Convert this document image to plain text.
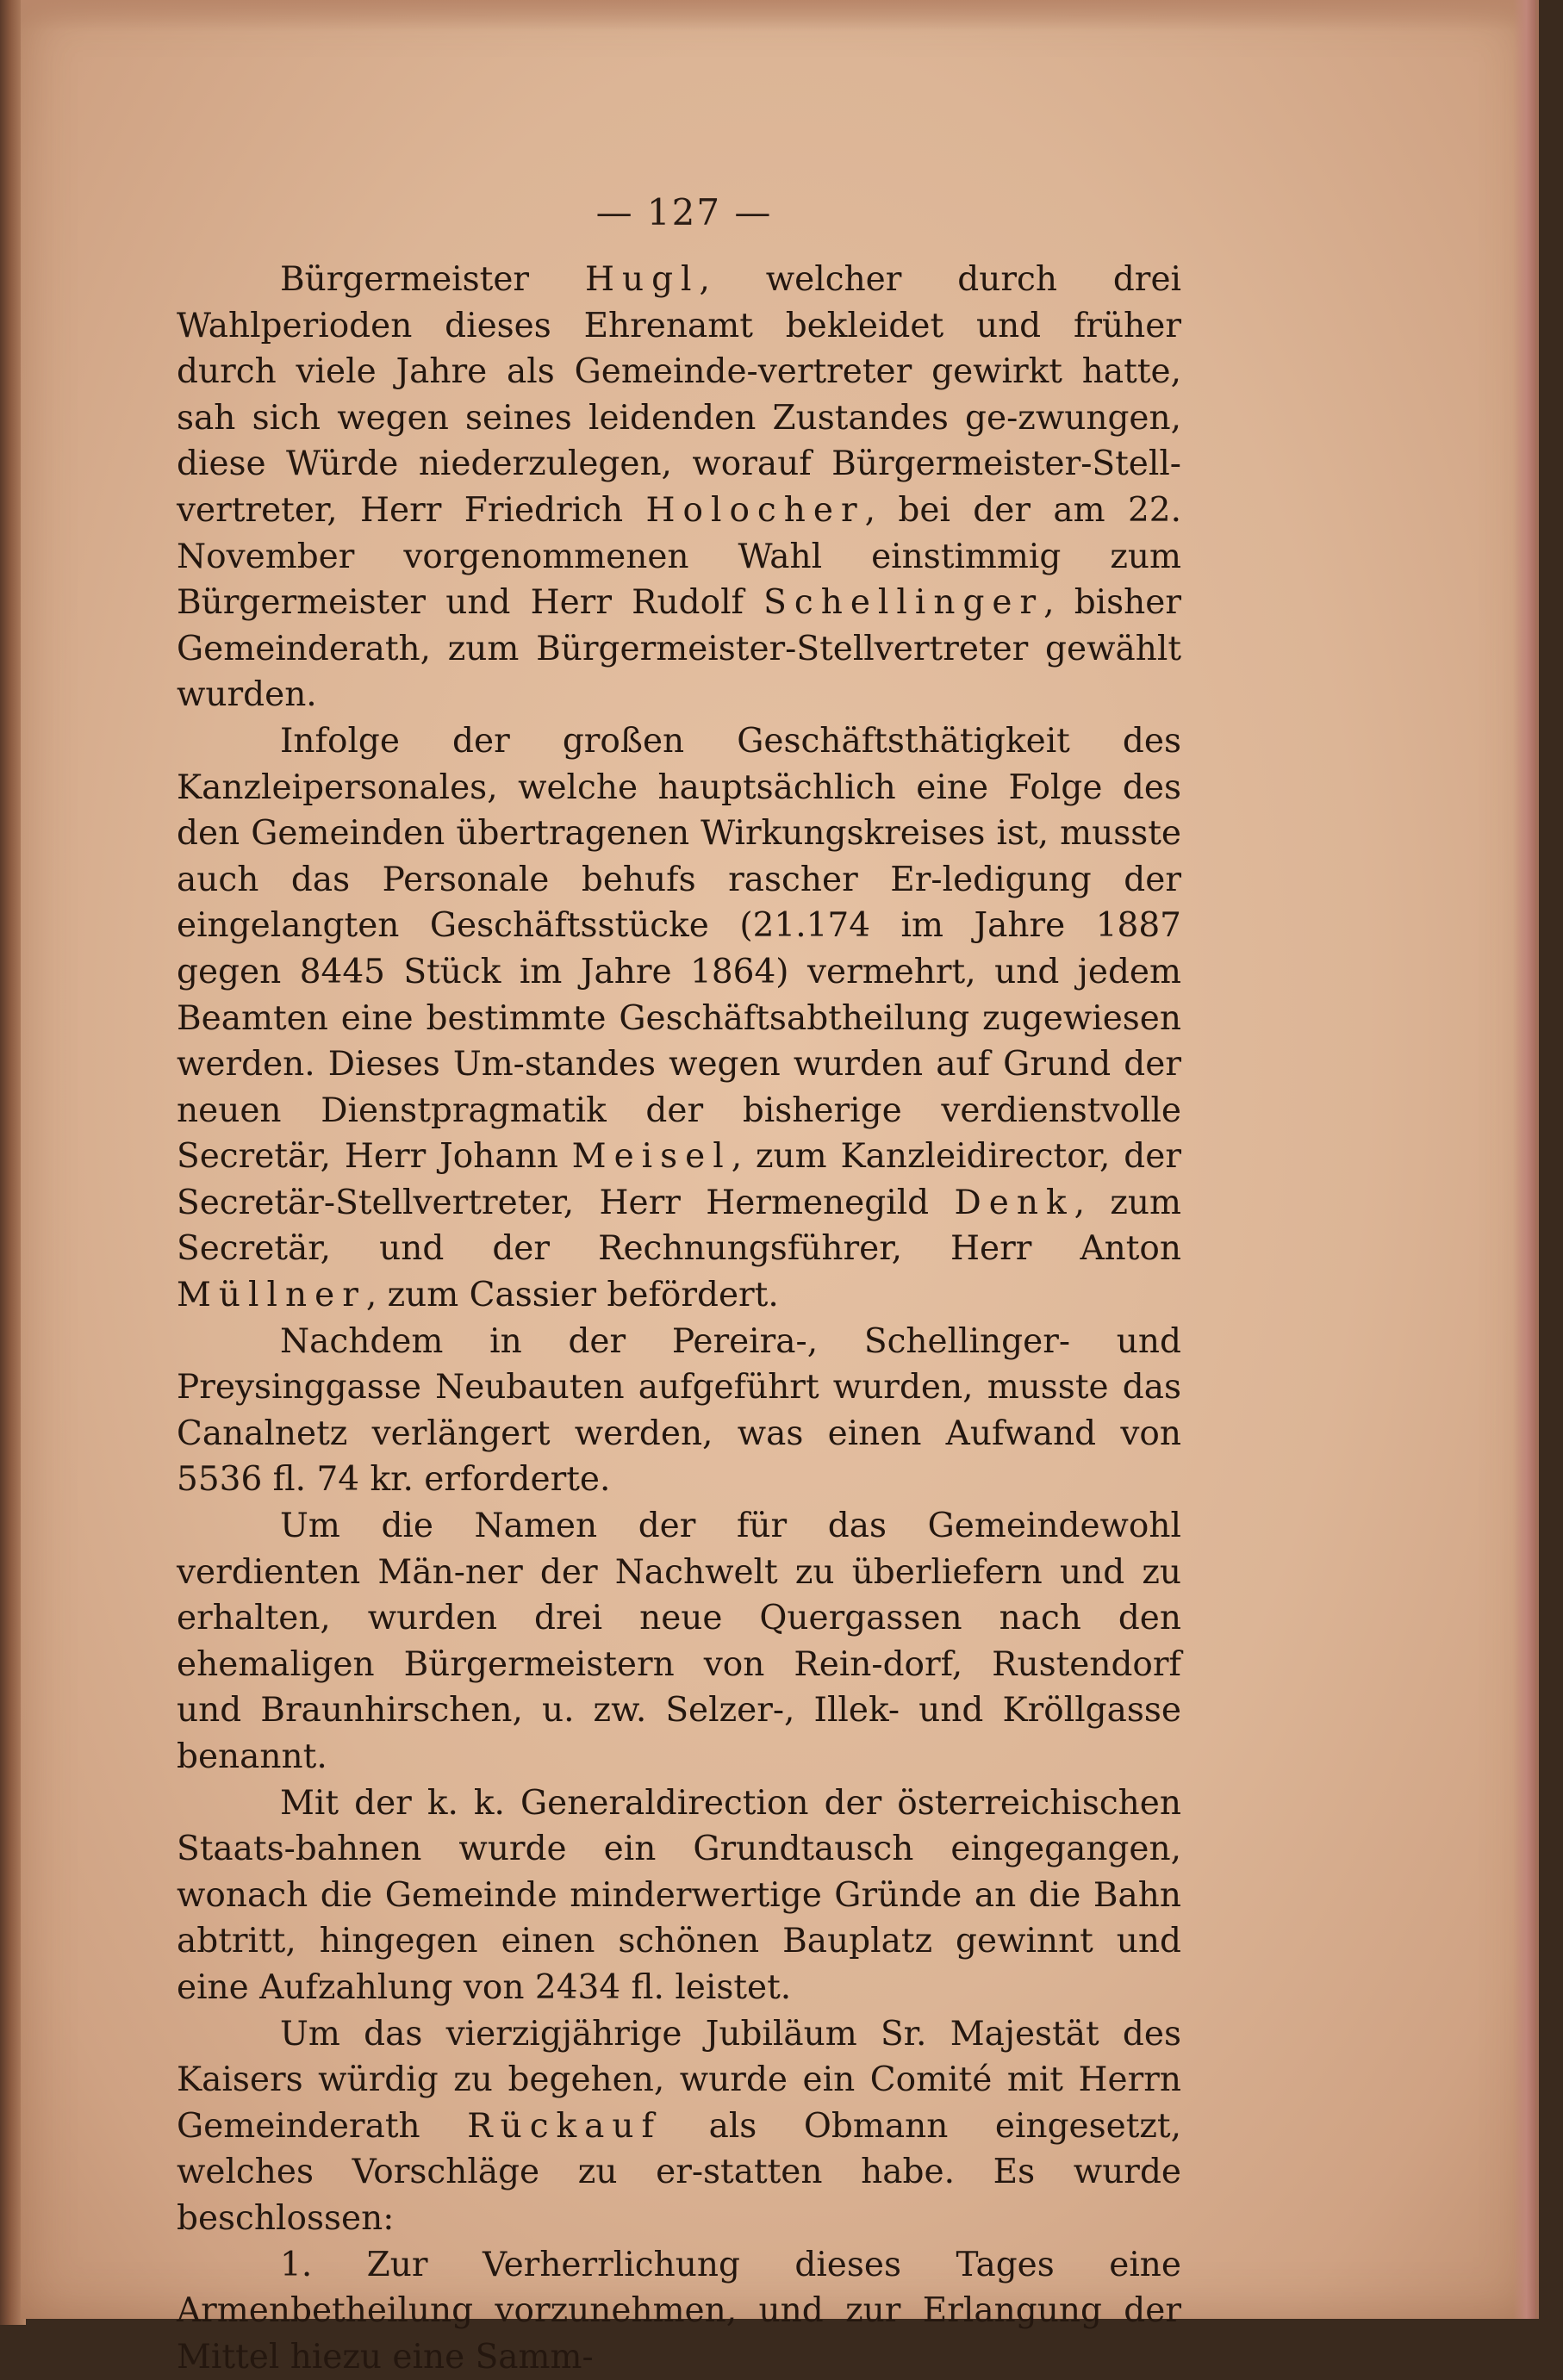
— 127 —

Bürgermeister Hugl, welcher durch drei Wahlperioden dieses Ehrenamt bekleidet und früher durch viele Jahre als Gemeinde-vertreter gewirkt hatte, sah sich wegen seines leidenden Zustandes ge-zwungen, diese Würde niederzulegen, worauf Bürgermeister-Stell-vertreter, Herr Friedrich Holocher, bei der am 22. November vorgenommenen Wahl einstimmig zum Bürgermeister und Herr Rudolf Schellinger, bisher Gemeinderath, zum Bürgermeister-Stellvertreter gewählt wurden.

Infolge der großen Geschäftsthätigkeit des Kanzleipersonales, welche hauptsächlich eine Folge des den Gemeinden übertragenen Wirkungskreises ist, musste auch das Personale behufs rascher Er-ledigung der eingelangten Geschäftsstücke (21.174 im Jahre 1887 gegen 8445 Stück im Jahre 1864) vermehrt, und jedem Beamten eine bestimmte Geschäftsabtheilung zugewiesen werden. Dieses Um-standes wegen wurden auf Grund der neuen Dienstpragmatik der bisherige verdienstvolle Secretär, Herr Johann Meisel, zum Kanzleidirector, der Secretär-Stellvertreter, Herr Hermenegild Denk, zum Secretär, und der Rechnungsführer, Herr Anton Müllner, zum Cassier befördert.

Nachdem in der Pereira-, Schellinger- und Preysinggasse Neubauten aufgeführt wurden, musste das Canalnetz verlängert werden, was einen Aufwand von 5536 fl. 74 kr. erforderte.

Um die Namen der für das Gemeindewohl verdienten Män-ner der Nachwelt zu überliefern und zu erhalten, wurden drei neue Quergassen nach den ehemaligen Bürgermeistern von Rein-dorf, Rustendorf und Braunhirschen, u. zw. Selzer-, Illek- und Kröllgasse benannt.

Mit der k. k. Generaldirection der österreichischen Staats-bahnen wurde ein Grundtausch eingegangen, wonach die Gemeinde minderwertige Gründe an die Bahn abtritt, hingegen einen schönen Bauplatz gewinnt und eine Aufzahlung von 2434 fl. leistet.

Um das vierzigjährige Jubiläum Sr. Majestät des Kaisers würdig zu begehen, wurde ein Comité mit Herrn Gemeinderath Rückauf als Obmann eingesetzt, welches Vorschläge zu er-statten habe. Es wurde beschlossen:

1. Zur Verherrlichung dieses Tages eine Armenbetheilung vorzunehmen, und zur Erlangung der Mittel hiezu eine Samm-
